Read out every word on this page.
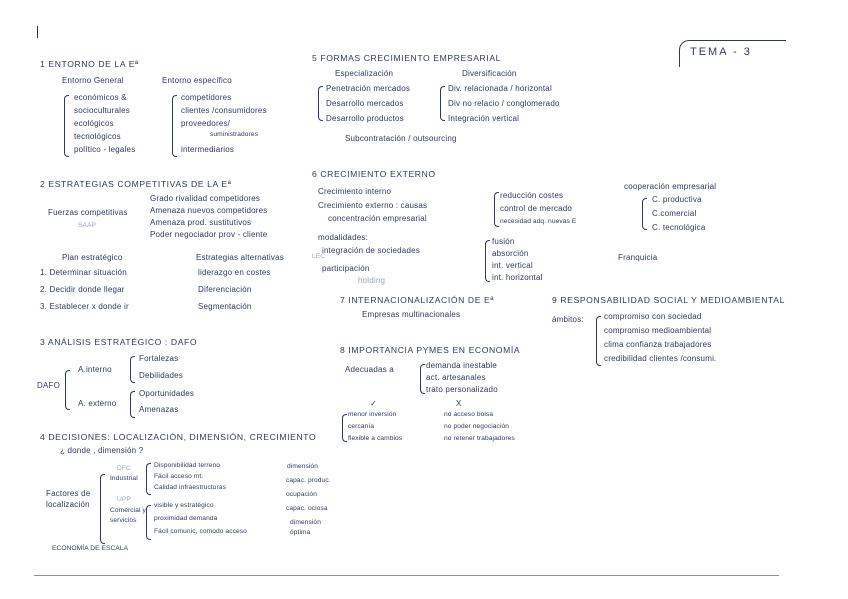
TEMA - 3
1 ENTORNO DE LA Eª
Entorno General
económicos &
socioculturales
ecológicos
tecnológicos
político - legales
Entorno específico
competidores
clientes /consumidores
proveedores/
suministradores
intermediarios
2 ESTRATEGIAS COMPETITIVAS DE LA Eª
Fuerzas competitivas
SAAP
Grado rivalidad competidores
Amenaza nuevos competidores
Amenaza prod. sustitutivos
Poder negociador prov - cliente
Plan estratégico
1. Determinar situación
2. Decidir donde llegar
3. Establecer x donde ir
Estrategias alternativas	LEC
liderazgo en costes
Diferenciación
Segmentación
3 ANÁLISIS ESTRATÉGICO : DAFO
DAFO
A.interno
Fortalezas
Debilidades
A. externo
Oportunidades
Amenazas
4 DECISIONES: LOCALIZACIÓN, DIMENSIÓN, CRECIMIENTO
¿ donde , dimensión ?
Factores de localización
DFC
Industrial
Disponibilidad terreno
Fácil acceso mt.
Calidad infraestructuras
UPP
Comercial y servicios
visible y estratégico
proximidad demanda
Fácil comunic, comodo acceso
dimensión
capac. produc.
ocupación
capac. ociosa
dimensión óptima
ECONOMÍA DE ESCALA
5 FORMAS CRECIMIENTO EMPRESARIAL
Especialización	Diversificación
Penetración mercados
Desarrollo mercados
Desarrollo productos
Div. relacionada / horizontal
Div no relacio / conglomerado
Integración vertical
Subcontratación / outsourcing
6 CRECIMIENTO EXTERNO
Crecimiento interno
Crecimiento externo : causas
concentración empresarial
reducción costes
control de mercado
necesidad adq. nuevas E
modalidades:
integración de sociedades
fusión
absorción
int. vertical
int. horizontal
participación
holding
Franquicia
cooperación empresarial
C. productiva
C.comercial
C. tecnológica
7 INTERNACIONALIZACIÓN DE Eª
Empresas multinacionales
8 IMPORTANCIA PYMES EN ECONOMÍA
Adecuadas a	demanda inestable
act. artesanales
trato personalizado
✓	X
menor inversión
cercanía
flexible a cambios
no acceso bolsa
no poder negociación
no retener trabajadores
9 RESPONSABILIDAD SOCIAL Y MEDIOAMBIENTAL
ámbitos:	compromiso con sociedad
compromiso medioambiental
clima confianza trabajadores
credibilidad clientes /consumi.
